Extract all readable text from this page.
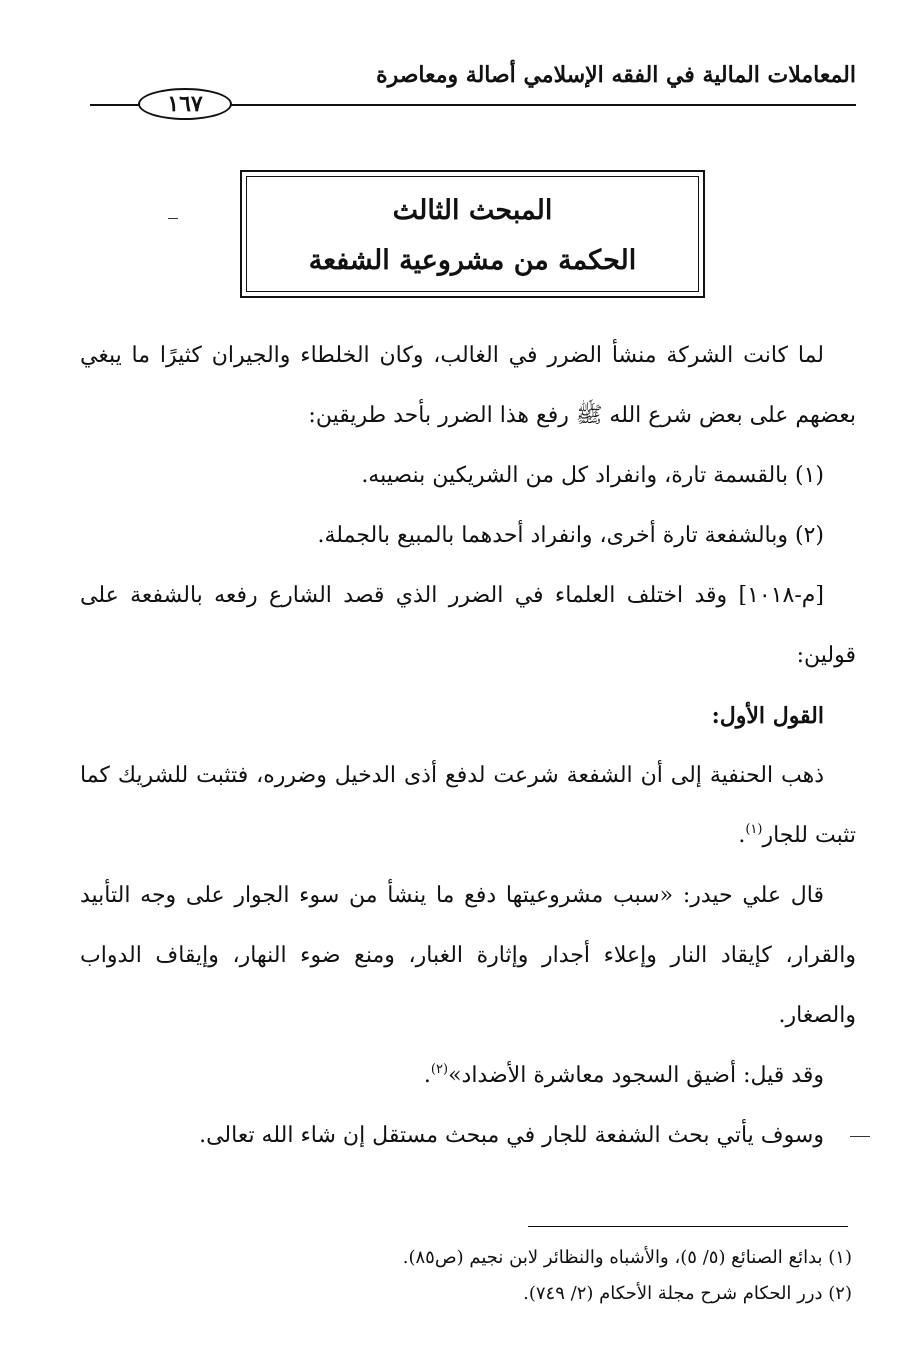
المعاملات المالية في الفقه الإسلامي أصالة ومعاصرة
١٦٧
المبحث الثالث
الحكمة من مشروعية الشفعة

لما كانت الشركة منشأ الضرر في الغالب، وكان الخلطاء والجيران كثيرًا ما يبغي بعضهم على بعض شرع الله ﷺ رفع هذا الضرر بأحد طريقين:

(١) بالقسمة تارة، وانفراد كل من الشريكين بنصيبه.

(٢) وبالشفعة تارة أخرى، وانفراد أحدهما بالمبيع بالجملة.

[م-١٠١٨] وقد اختلف العلماء في الضرر الذي قصد الشارع رفعه بالشفعة على قولين:

القول الأول:

ذهب الحنفية إلى أن الشفعة شرعت لدفع أذى الدخيل وضرره، فتثبت للشريك كما تثبت للجار$^{(١)}$.

قال علي حيدر: «سبب مشروعيتها دفع ما ينشأ من سوء الجوار على وجه التأبيد والقرار، كإيقاد النار وإعلاء أجدار وإثارة الغبار، ومنع ضوء النهار، وإيقاف الدواب والصغار.

وقد قيل: أضيق السجود معاشرة الأضداد»$^{(٢)}$.

وسوف يأتي بحث الشفعة للجار في مبحث مستقل إن شاء الله تعالى.

(١) بدائع الصنائع (٥/ ٥)، والأشباه والنظائر لابن نجيم (ص٨٥).

(٢) درر الحكام شرح مجلة الأحكام (٢/ ٧٤٩).
